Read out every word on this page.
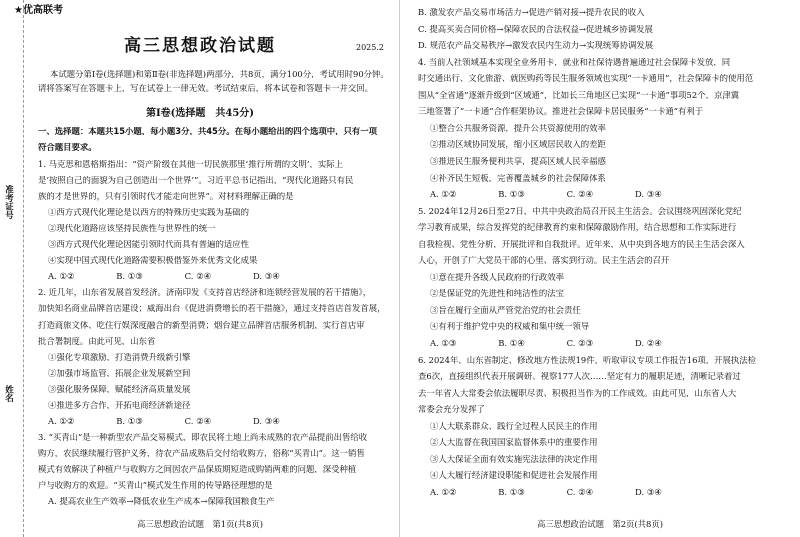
准考证号
姓名
★优高联考
高三思想政治试题	2025.2
本试题分第Ⅰ卷(选择题)和第Ⅱ卷(非选择题)两部分，共8页，满分100分，考试用时90分钟。
请将答案写在答题卡上，写在试卷上一律无效。考试结束后，将本试卷和答题卡一并交回。
第Ⅰ卷(选择题　共45分)
一、选择题：本题共15小题，每小题3分，共45分。在每小题给出的四个选项中，只有一项
符合题目要求。
1. 马克思和恩格斯指出：“资产阶级在其他一切民族那里‘推行所谓的文明’，实际上
是‘按照自己的面貌为自己创造出一个世界’”。习近平总书记指出，“现代化道路只有民
族的才是世界的，只有引领时代才能走向世界”。对材料理解正确的是
①西方式现代化理论是以西方的特殊历史实践为基础的
②现代化道路应该坚持民族性与世界性的统一
③西方式现代化理论因能引领时代而具有普遍的适应性
④实现中国式现代化道路需要积极借鉴外来优秀文化成果
A. ①②　　　　　B. ①③　　　　　C. ②④　　　　　D. ③④
2. 近几年，山东省发展首发经济。济南印发《支持首店经济和连锁经营发展的若干措施》，
加快知名商业品牌首店建设；威海出台《促进消费增长的若干措施》，通过支持首店首发首展，
打造商旅文体、吃住行娱深度融合的新型消费；烟台建立品牌首店服务机制，实行首店审
批合署制度。由此可见，山东省
①强化专项激励，打造消费升级新引擎
②加强市场监管，拓展企业发展新空间
③强化服务保障，赋能经济高质量发展
④推进多方合作，开拓电商经济新途径
A. ①②　　　　　B. ①③　　　　　C. ②④　　　　　D. ③④
3. “买青山”是一种新型农产品交易模式，即农民将土地上尚未成熟的农产品提前出售给收
购方，农民继续履行管护义务，待农产品成熟后交付给收购方，俗称“买青山”。这一销售
模式有效解决了种植户与收购方之间因农产品保质期短造成购销两难的问题，深受种植
户与收购方的欢迎。“买青山”模式发生作用的传导路径理想的是
A. 提高农业生产效率→降低农业生产成本→保障我国粮食生产
高三思想政治试题　第1页(共8页)
B. 激发农产品交易市场活力→促进产销对接→提升农民的收入
C. 提高买卖合同价格→保障农民的合法权益→促进城乡协调发展
D. 规范农产品交易秩序→激发农民内生动力→实现统筹协调发展
4. 当前人社领域基本实现全业务用卡，就业和社保待遇普遍通过社会保障卡发放，同
时交通出行、文化旅游、就医购药等民生服务领域也实现“一卡通用”，社会保障卡的使用范
围从“全省通”逐渐升级到“区域通”，比如长三角地区已实现“一卡通”事项52个，京津冀
三地签署了“一卡通”合作框架协议。推进社会保障卡居民服务“一卡通”有利于
①整合公共服务资源，提升公共资源使用的效率
②推动区域协同发展，缩小区域居民收入的差距
③推进民生服务便利共享，提高区域人民幸福感
④补齐民生短板，完善覆盖城乡的社会保障体系
A. ①②　　　　　B. ①③　　　　　C. ②④　　　　　D. ③④
5. 2024年12月26日至27日，中共中央政治局召开民主生活会。会议围绕巩固深化党纪
学习教育成果，综合发挥党的纪律教育约束和保障激励作用，结合思想和工作实际进行
自我检视、党性分析，开展批评和自我批评。近年来，从中央到各地方的民主生活会深入
人心，开创了广大党员干部的心里、落实到行动。民主生活会的召开
①意在提升各级人民政府的行政效率
②是保证党的先进性和纯洁性的法宝
③旨在履行全面从严管党治党的社会责任
④有利于维护党中央的权威和集中统一领导
A. ①③　　　　　B. ①④　　　　　C. ②③　　　　　D. ②④
6. 2024年，山东省制定、修改地方性法规19件，听取审议专项工作报告16项，开展执法检
查6次，直接组织代表开展调研、视察177人次……坚定有力的履职足迹，清晰记录着过
去一年省人大常委会依法履职尽责、积极担当作为的工作成效。由此可见，山东省人大
常委会充分发挥了
①人大联系群众、践行全过程人民民主的作用
②人大监督在我国国家监督体系中的重要作用
③人大保证全面有效实施宪法法律的决定作用
④人大履行经济建设职能和促进社会发展作用
A. ①②　　　　　B. ①③　　　　　C. ②④　　　　　D. ③④
高三思想政治试题　第2页(共8页)
